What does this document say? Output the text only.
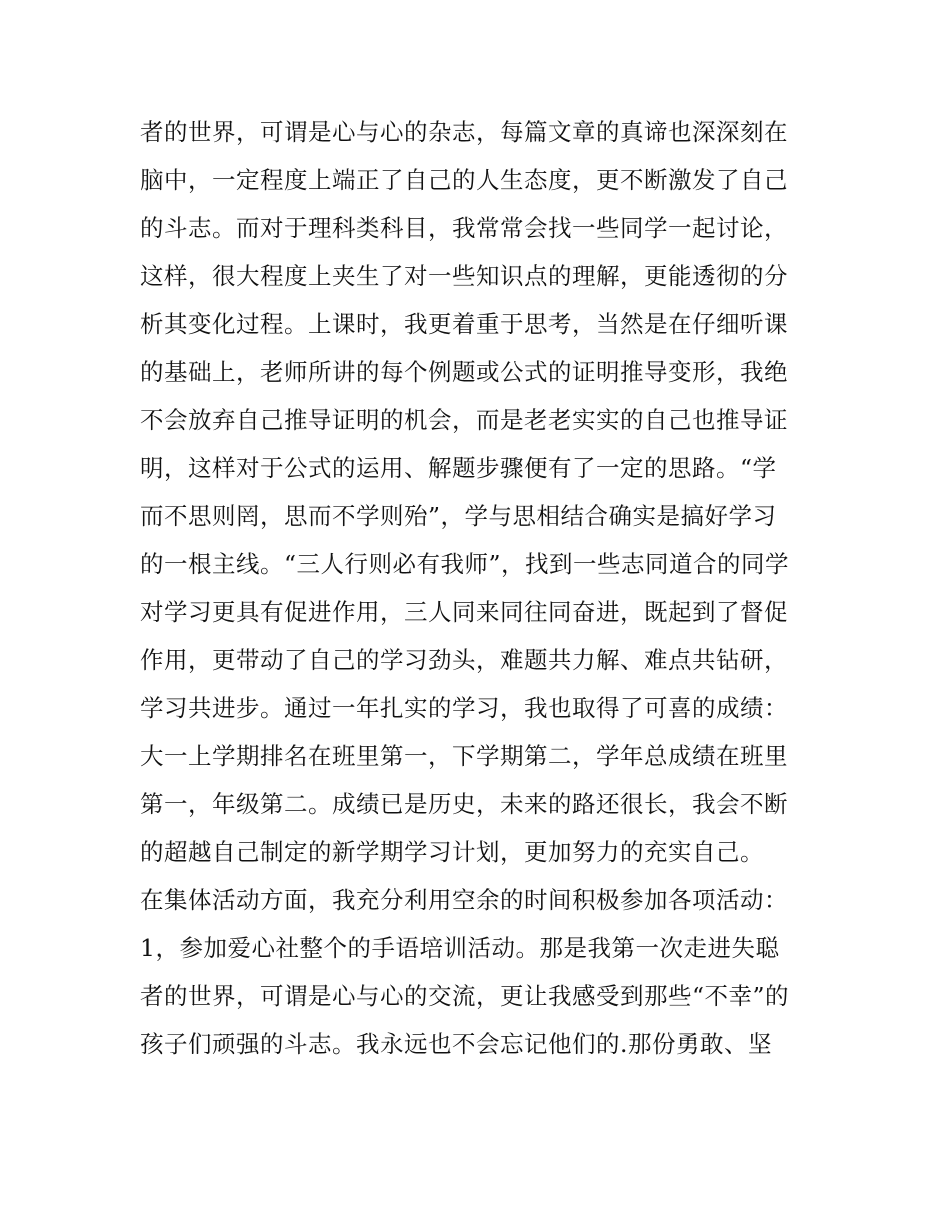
者的世界，可谓是心与心的杂志，每篇文章的真谛也深深刻在
脑中，一定程度上端正了自己的人生态度，更不断激发了自己
的斗志。而对于理科类科目，我常常会找一些同学一起讨论，
这样，很大程度上夹生了对一些知识点的理解，更能透彻的分
析其变化过程。上课时，我更着重于思考，当然是在仔细听课
的基础上，老师所讲的每个例题或公式的证明推导变形，我绝
不会放弃自己推导证明的机会，而是老老实实的自己也推导证
明，这样对于公式的运用、解题步骤便有了一定的思路。“学
而不思则罔，思而不学则殆”，学与思相结合确实是搞好学习
的一根主线。“三人行则必有我师”，找到一些志同道合的同学
对学习更具有促进作用，三人同来同往同奋进，既起到了督促
作用，更带动了自己的学习劲头，难题共力解、难点共钻研，
学习共进步。通过一年扎实的学习，我也取得了可喜的成绩：
大一上学期排名在班里第一，下学期第二，学年总成绩在班里
第一，年级第二。成绩已是历史，未来的路还很长，我会不断
的超越自己制定的新学期学习计划，更加努力的充实自己。
在集体活动方面，我充分利用空余的时间积极参加各项活动：
1，参加爱心社整个的手语培训活动。那是我第一次走进失聪
者的世界，可谓是心与心的交流，更让我感受到那些“不幸”的
孩子们顽强的斗志。我永远也不会忘记他们的.那份勇敢、坚
